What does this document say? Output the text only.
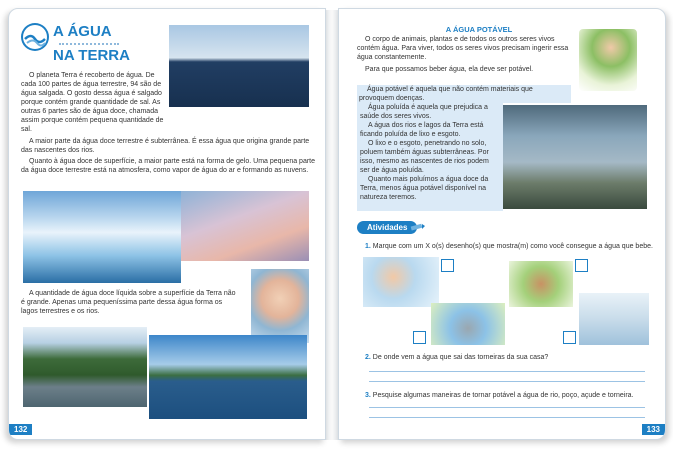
A ÁGUA
NA TERRA

O planeta Terra é recoberto de água. De cada 100 partes de água terrestre, 94 são de água salgada. O gosto dessa água é salgado porque contém grande quantidade de sal. As outras 6 partes são de água doce, chamada assim porque contém pequena quantidade de sal.

A maior parte da água doce terrestre é subterrânea. É essa água que origina grande parte das nascentes dos rios.

Quanto à água doce de superfície, a maior parte está na forma de gelo. Uma pequena parte da água doce terrestre está na atmosfera, como vapor de água do ar e formando as nuvens.

A quantidade de água doce líquida sobre a superfície da Terra não é grande. Apenas uma pequeníssima parte dessa água forma os lagos terrestres e os rios.

132
A ÁGUA POTÁVEL

O corpo de animais, plantas e de todos os outros seres vivos contém água. Para viver, todos os seres vivos precisam ingerir essa água constantemente.

Para que possamos beber água, ela deve ser potável.

Água potável é aquela que não contém materiais que provoquem doenças.

Água poluída é aquela que prejudica a saúde dos seres vivos.

A água dos rios e lagos da Terra está ficando poluída de lixo e esgoto.

O lixo e o esgoto, penetrando no solo, poluem também águas subterrâneas. Por isso, mesmo as nascentes de rios podem ser de água poluída.

Quanto mais poluímos a água doce da Terra, menos água potável disponível na natureza teremos.

Atividades
1. Marque com um X o(s) desenho(s) que mostra(m) como você consegue a água que bebe.
2. De onde vem a água que sai das torneiras da sua casa?
3. Pesquise algumas maneiras de tornar potável a água de rio, poço, açude e torneira.
133
